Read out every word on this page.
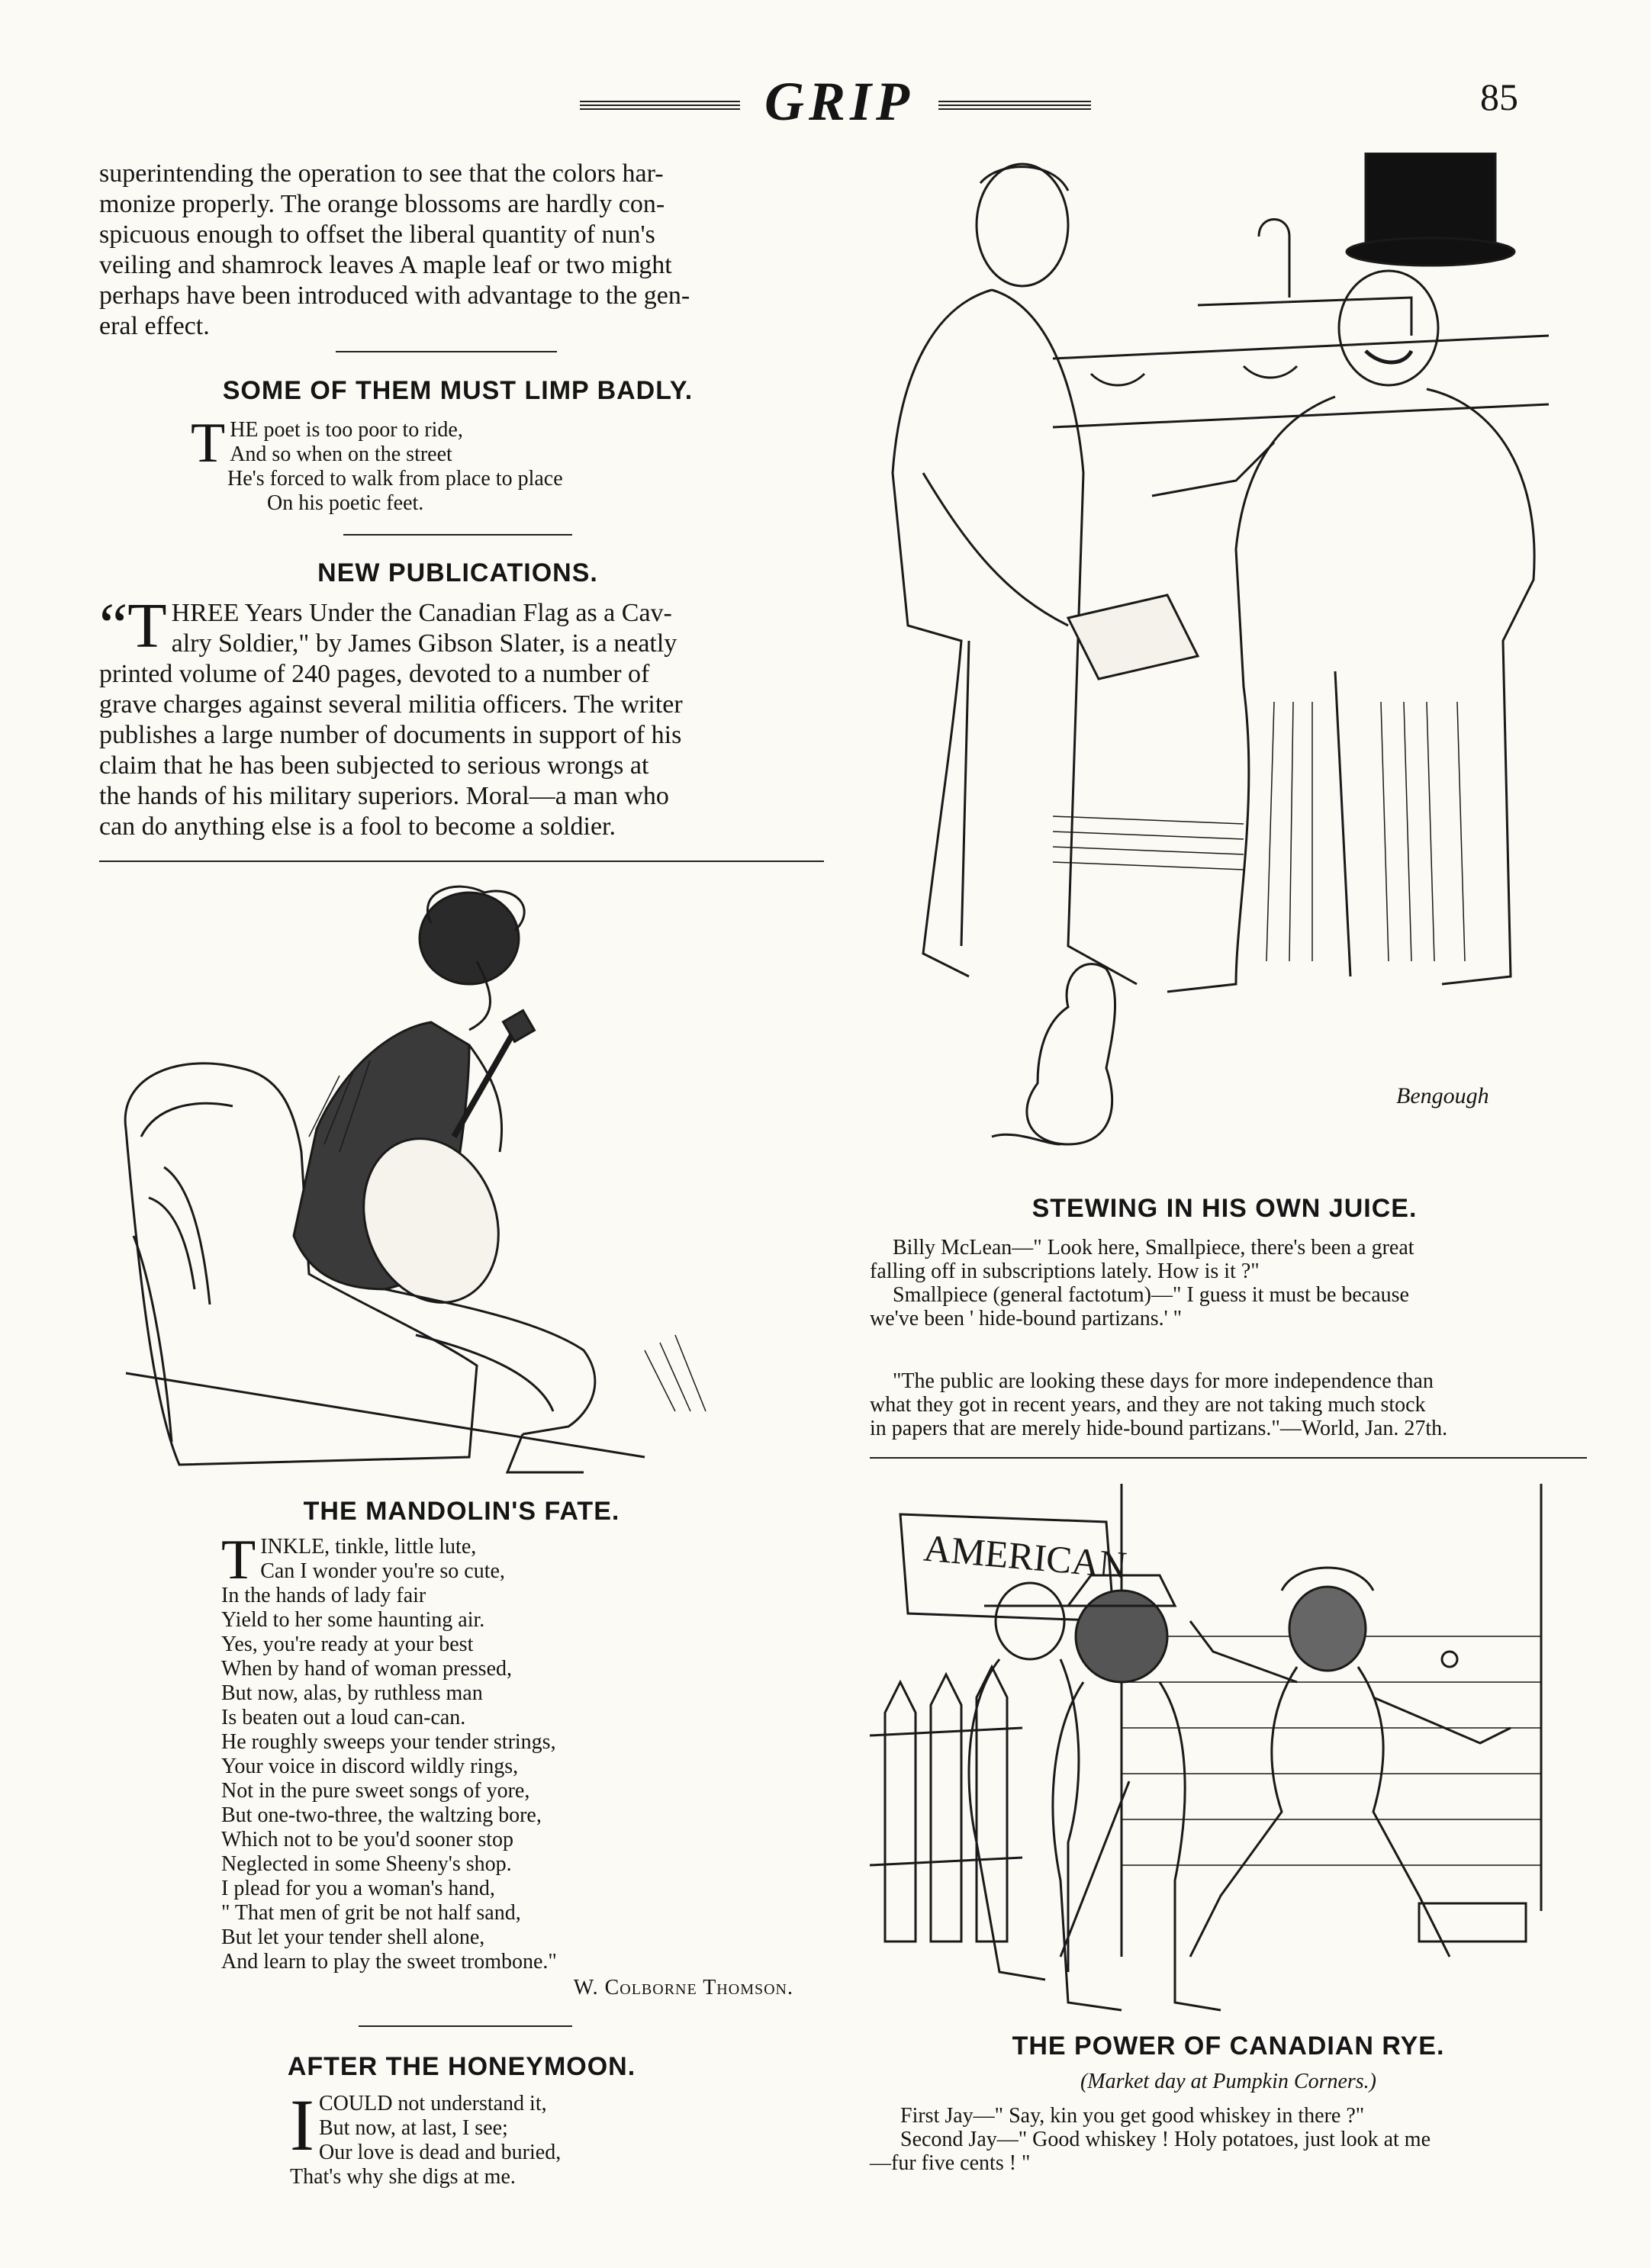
GRIP	85
superintending the operation to see that the colors har-
monize properly. The orange blossoms are hardly con-
spicuous enough to offset the liberal quantity of nun's
veiling and shamrock leaves A maple leaf or two might
perhaps have been introduced with advantage to the gen-
eral effect.
SOME OF THEM MUST LIMP BADLY.
T HE poet is too poor to ride,
And so when on the street
He's forced to walk from place to place
On his poetic feet.
NEW PUBLICATIONS.
“T HREE Years Under the Canadian Flag as a Cav-
alry Soldier," by James Gibson Slater, is a neatly
printed volume of 240 pages, devoted to a number of
grave charges against several militia officers. The writer
publishes a large number of documents in support of his
claim that he has been subjected to serious wrongs at
the hands of his military superiors. Moral—a man who
can do anything else is a fool to become a soldier.
THE MANDOLIN'S FATE.
T INKLE, tinkle, little lute,
Can I wonder you're so cute,
In the hands of lady fair
Yield to her some haunting air.
Yes, you're ready at your best
When by hand of woman pressed,
But now, alas, by ruthless man
Is beaten out a loud can-can.
He roughly sweeps your tender strings,
Your voice in discord wildly rings,
Not in the pure sweet songs of yore,
But one-two-three, the waltzing bore,
Which not to be you'd sooner stop
Neglected in some Sheeny's shop.
I plead for you a woman's hand,
" That men of grit be not half sand,
But let your tender shell alone,
And learn to play the sweet trombone."
W. Colborne Thomson.
AFTER THE HONEYMOON.
I COULD not understand it,
But now, at last, I see;
Our love is dead and buried,
That's why she digs at me.
Bengough
STEWING IN HIS OWN JUICE.
Billy McLean—" Look here, Smallpiece, there's been a great
falling off in subscriptions lately. How is it ?"
Smallpiece (general factotum)—" I guess it must be because
we've been ' hide-bound partizans.' "
"The public are looking these days for more independence than
what they got in recent years, and they are not taking much stock
in papers that are merely hide-bound partizans."—World, Jan. 27th.
AMERICAN
THE POWER OF CANADIAN RYE.
(Market day at Pumpkin Corners.)
First Jay—" Say, kin you get good whiskey in there ?"
Second Jay—" Good whiskey ! Holy potatoes, just look at me
—fur five cents ! "
